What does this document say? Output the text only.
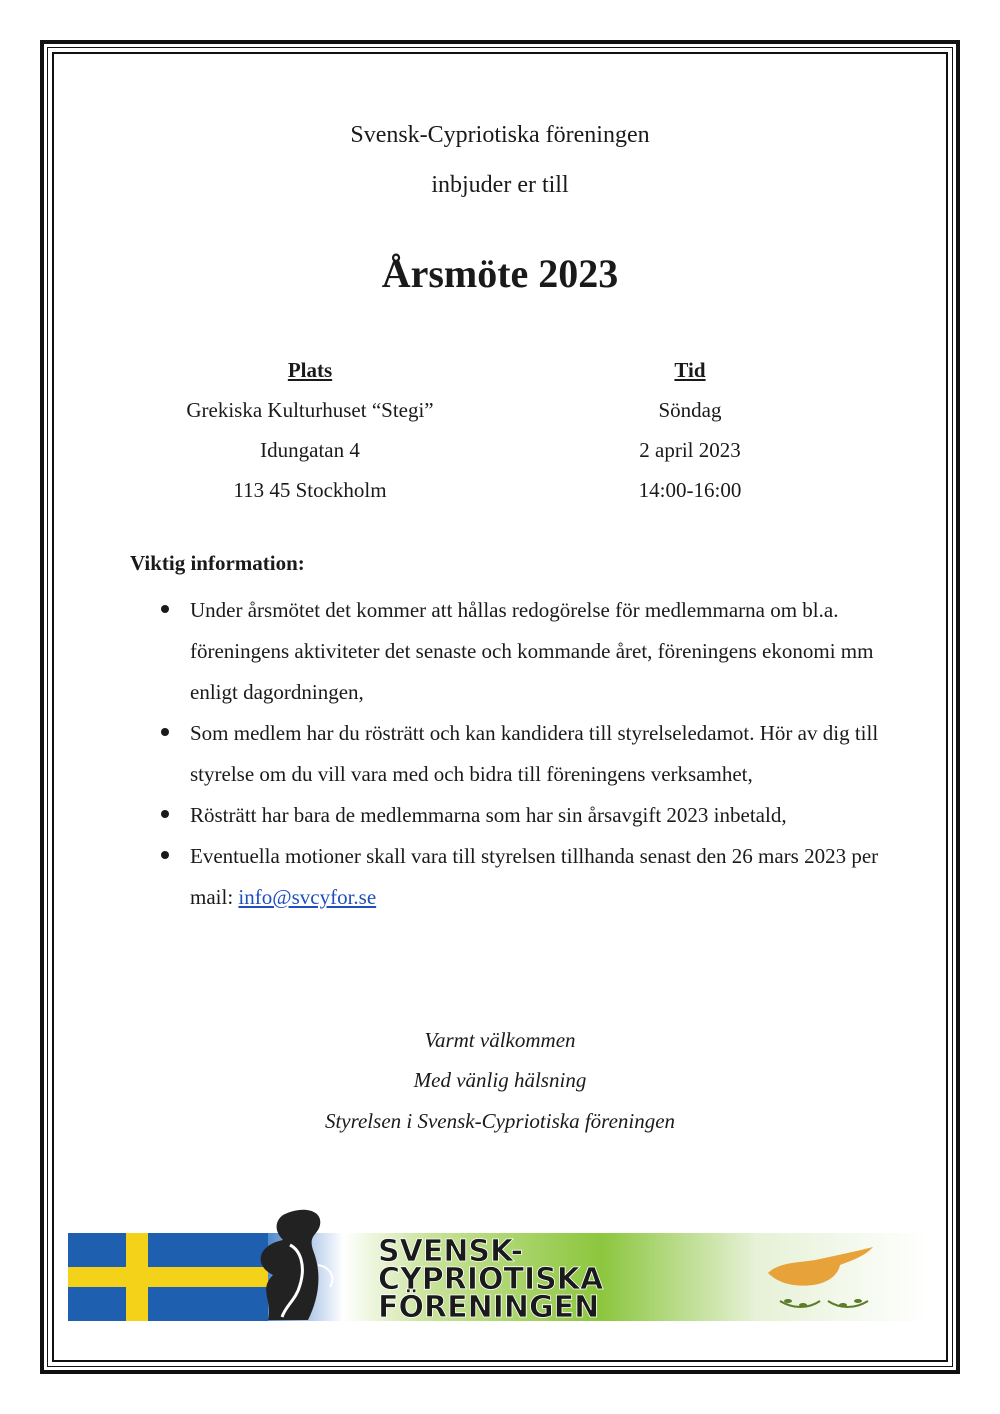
Svensk-Cypriotiska föreningen
inbjuder er till
Årsmöte 2023
Plats
Grekiska Kulturhuset “Stegi”
Idungatan 4
113 45 Stockholm
Tid
Söndag
2 april 2023
14:00-16:00
Viktig information:
Under årsmötet det kommer att hållas redogörelse för medlemmarna om bl.a. föreningens aktiviteter det senaste och kommande året, föreningens ekonomi mm enligt dagordningen,
Som medlem har du rösträtt och kan kandidera till styrelseledamot. Hör av dig till styrelse om du vill vara med och bidra till föreningens verksamhet,
Rösträtt har bara de medlemmarna som har sin årsavgift 2023 inbetald,
Eventuella motioner skall vara till styrelsen tillhanda senast den 26 mars 2023 per mail: info@svcyfor.se
Varmt välkommen
Med vänlig hälsning
Styrelsen i Svensk-Cypriotiska föreningen
SVENSK-
CYPRIOTISKA
FÖRENINGEN
